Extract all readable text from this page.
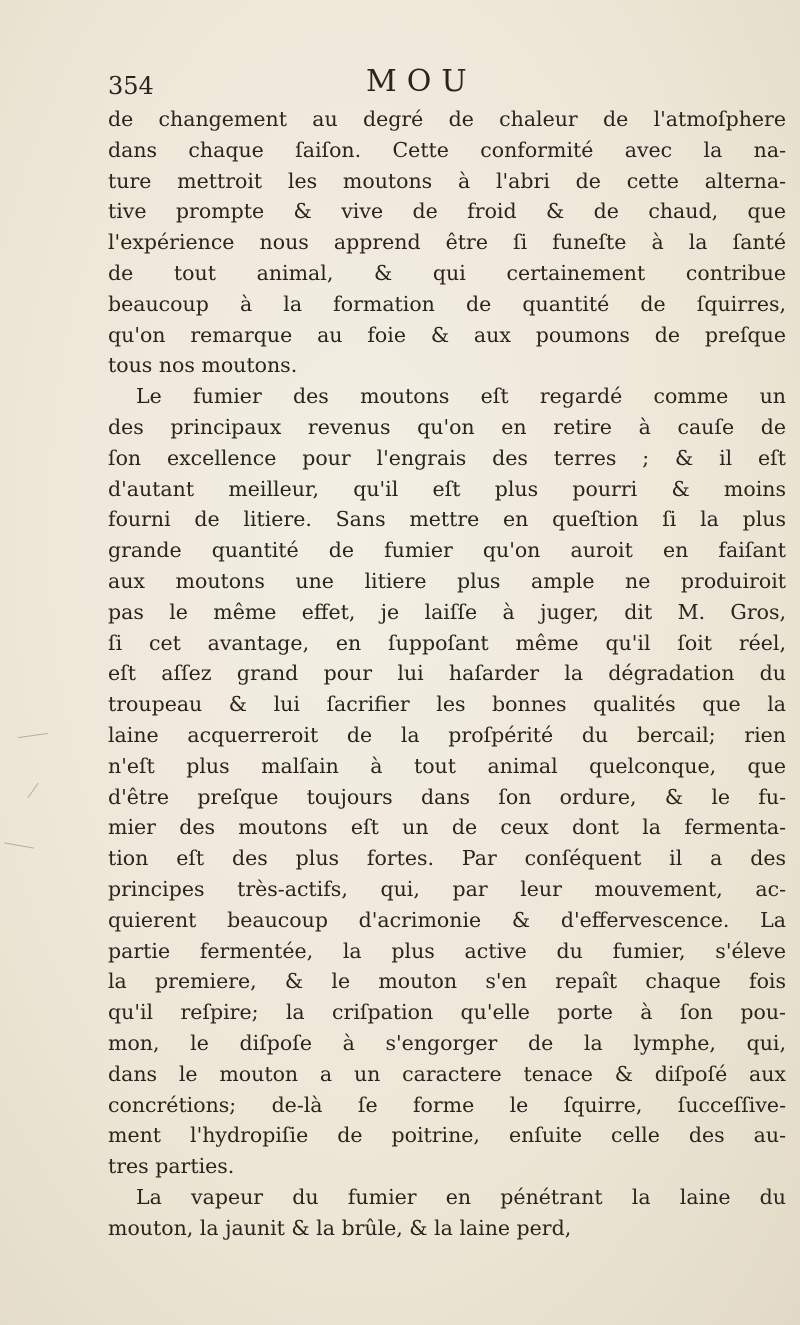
354	MOU
de changement au degré de chaleur de l'atmoſphere
dans chaque ſaiſon. Cette conformité avec la na-
ture mettroit les moutons à l'abri de cette alterna-
tive prompte & vive de froid & de chaud, que
l'expérience nous apprend être ſi funeſte à la ſanté
de tout animal, & qui certainement contribue
beaucoup à la formation de quantité de ſquirres,
qu'on remarque au foie & aux poumons de preſque
tous nos moutons.
Le fumier des moutons eſt regardé comme un
des principaux revenus qu'on en retire à cauſe de
ſon excellence pour l'engrais des terres ; & il eſt
d'autant meilleur, qu'il eſt plus pourri & moins
fourni de litiere. Sans mettre en queſtion ſi la plus
grande quantité de fumier qu'on auroit en faiſant
aux moutons une litiere plus ample ne produiroit
pas le même effet, je laiſſe à juger, dit M. Gros,
ſi cet avantage, en ſuppoſant même qu'il ſoit réel,
eſt aſſez grand pour lui haſarder la dégradation du
troupeau & lui ſacrifier les bonnes qualités que la
laine acquerreroit de la proſpérité du bercail; rien
n'eſt plus malſain à tout animal quelconque, que
d'être preſque toujours dans ſon ordure, & le fu-
mier des moutons eſt un de ceux dont la fermenta-
tion eſt des plus fortes. Par conſéquent il a des
principes très-actifs, qui, par leur mouvement, ac-
quierent beaucoup d'acrimonie & d'effervescence. La
partie fermentée, la plus active du fumier, s'éleve
la premiere, & le mouton s'en repaît chaque fois
qu'il reſpire; la criſpation qu'elle porte à ſon pou-
mon, le diſpoſe à s'engorger de la lymphe, qui,
dans le mouton a un caractere tenace & diſpoſé aux
concrétions; de-là ſe forme le ſquirre, ſucceſſive-
ment l'hydropiſie de poitrine, enſuite celle des au-
tres parties.
La vapeur du fumier en pénétrant la laine du
mouton, la jaunit & la brûle, & la laine perd,
